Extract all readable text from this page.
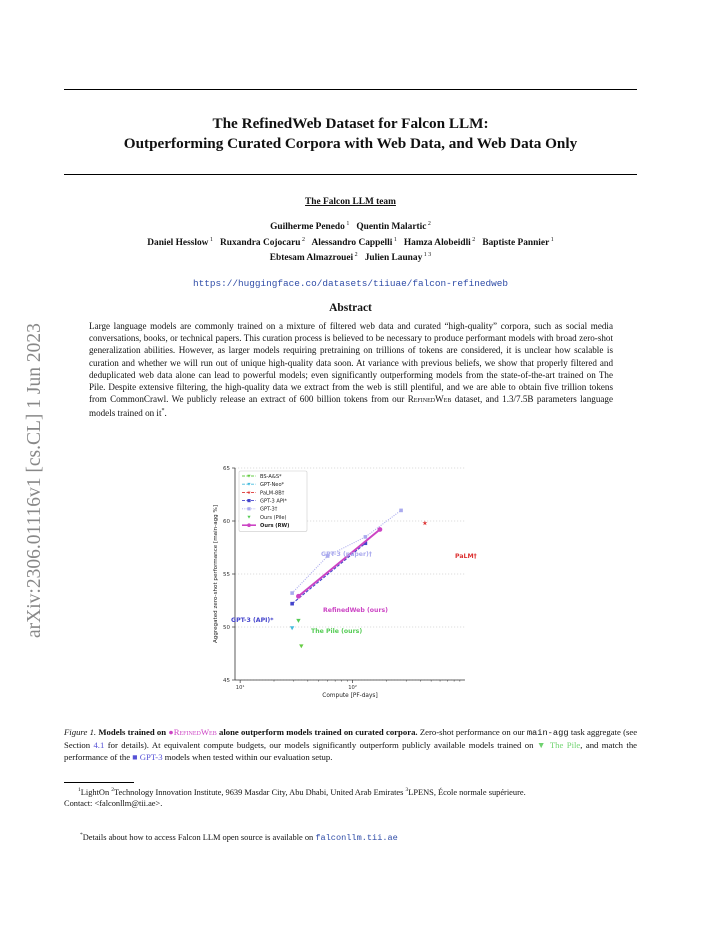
arXiv:2306.01116v1 [cs.CL] 1 Jun 2023
The RefinedWeb Dataset for Falcon LLM:
Outperforming Curated Corpora with Web Data, and Web Data Only
The Falcon LLM team
Guilherme Penedo $^1$ Quentin Malartic $^2$
Daniel Hesslow $^1$ Ruxandra Cojocaru $^2$ Alessandro Cappelli $^1$ Hamza Alobeidli $^2$ Baptiste Pannier $^1$
Ebtesam Almazrouei $^2$ Julien Launay $^{1 3}$
https://huggingface.co/datasets/tiiuae/falcon-refinedweb
Abstract
Large language models are commonly trained on a mixture of filtered web data and curated “high-quality” corpora, such as social media conversations, books, or technical papers. This curation process is believed to be necessary to produce performant models with broad zero-shot generalization abilities. However, as larger models requiring pretraining on trillions of tokens are considered, it is unclear how scalable is curation and whether we will run out of unique high-quality data soon. At variance with previous beliefs, we show that properly filtered and deduplicated web data alone can lead to powerful models; even significantly outperforming models from the state-of-the-art trained on The Pile. Despite extensive filtering, the high-quality data we extract from the web is still plentiful, and we are able to obtain five trillion tokens from CommonCrawl. We publicly release an extract of 600 billion tokens from our RefinedWeb dataset, and 1.3/7.5B parameters language models trained on it*.
45
50
55
60
65
10¹	10²
Compute [PF-days]
Aggregated zero-shot performance [main-agg %]
BS-A&S*
GPT-Neo*
PaLM-8B†
GPT-3 API*
GPT-3†
Ours (Pile)
Ours (RW)
GPT-3 (paper)†	PaLM†
RefinedWeb (ours)
GPT-3 (API)*
The Pile (ours)
Figure 1. Models trained on ●RefinedWeb alone outperform models trained on curated corpora. Zero-shot performance on our main-agg task aggregate (see Section 4.1 for details). At equivalent compute budgets, our models significantly outperform publicly available models trained on ▼ The Pile, and match the performance of the ■ GPT-3 models when tested within our evaluation setup.
$^1$LightOn $^2$Technology Innovation Institute, 9639 Masdar City, Abu Dhabi, United Arab Emirates $^3$LPENS, École normale supérieure.
Contact: <falconllm@tii.ae>.
*Details about how to access Falcon LLM open source is available on falconllm.tii.ae
